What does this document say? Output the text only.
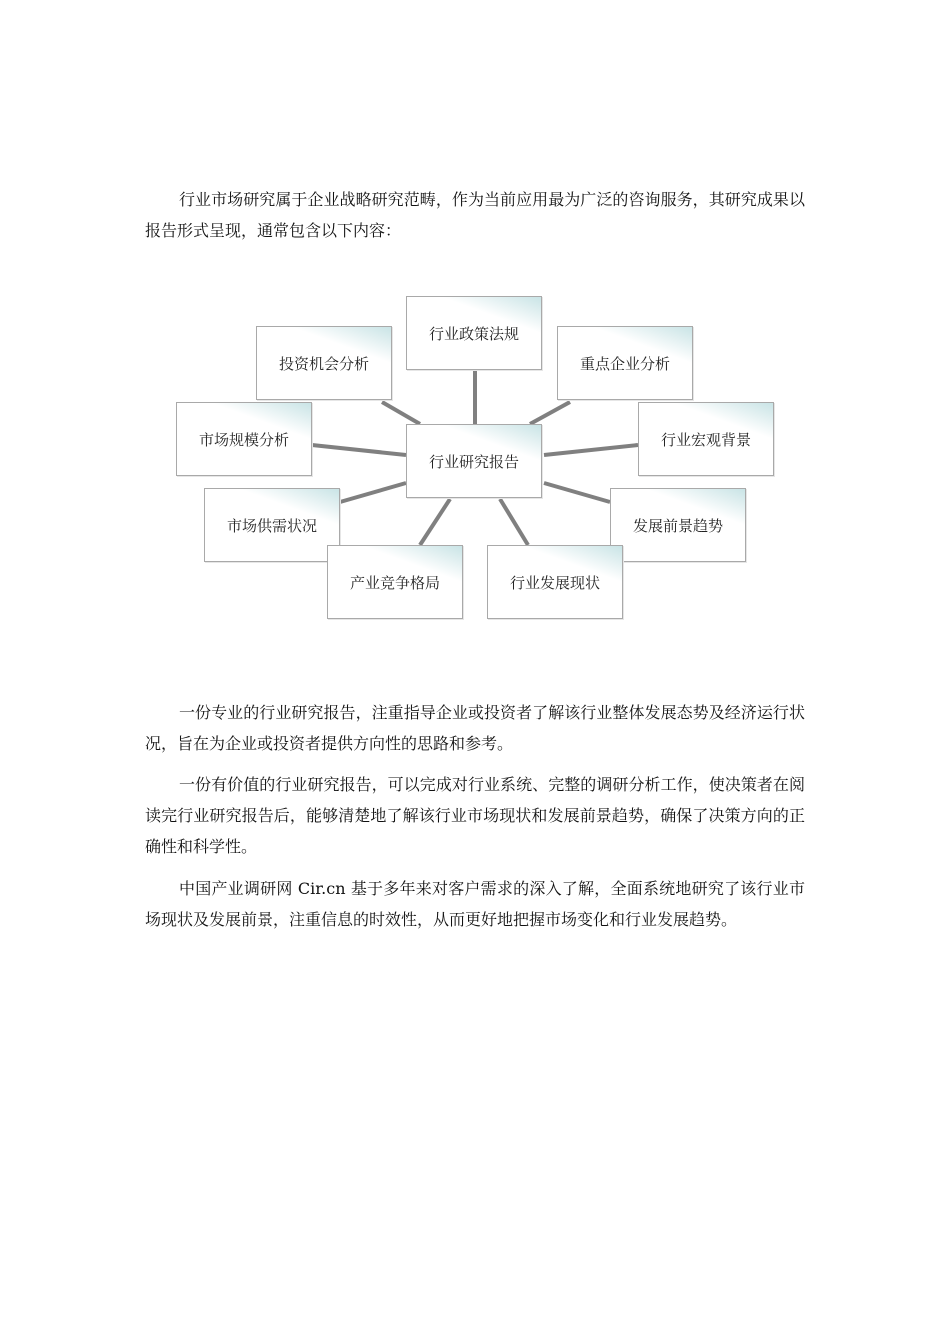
行业市场研究属于企业战略研究范畴，作为当前应用最为广泛的咨询服务，其研究成果以报告形式呈现，通常包含以下内容：

行业政策法规
投资机会分析	重点企业分析
市场规模分析
行业研究报告
行业宏观背景
市场供需状况	发展前景趋势
产业竞争格局	行业发展现状

一份专业的行业研究报告，注重指导企业或投资者了解该行业整体发展态势及经济运行状况，旨在为企业或投资者提供方向性的思路和参考。

一份有价值的行业研究报告，可以完成对行业系统、完整的调研分析工作，使决策者在阅读完行业研究报告后，能够清楚地了解该行业市场现状和发展前景趋势，确保了决策方向的正确性和科学性。

中国产业调研网 Cir.cn 基于多年来对客户需求的深入了解，全面系统地研究了该行业市场现状及发展前景，注重信息的时效性，从而更好地把握市场变化和行业发展趋势。
